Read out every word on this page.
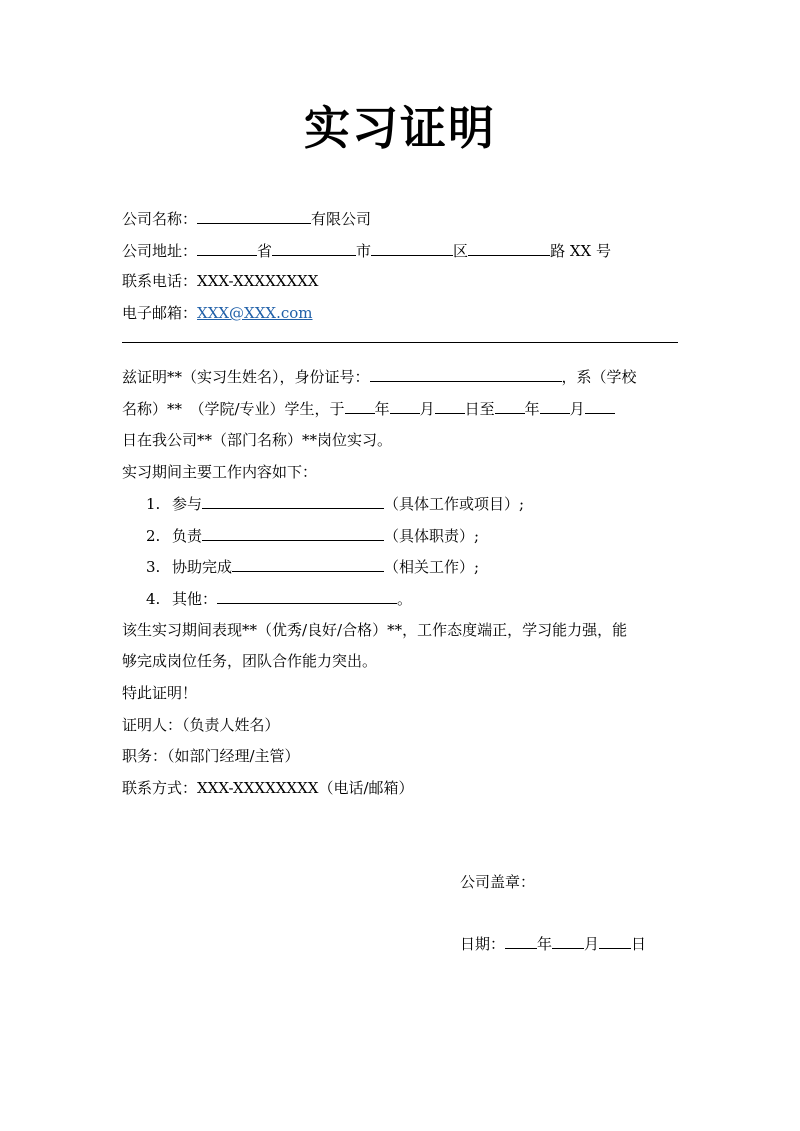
实习证明
公司名称：	有限公司
公司地址：	省	市	区	路 XX 号
联系电话：XXX-XXXXXXXX
电子邮箱：XXX@XXX.com
兹证明**（实习生姓名），身份证号：	，系（学校
名称）**　（学院/专业）学生，于 年 月 日至 年 月
日在我公司**（部门名称）**岗位实习。
实习期间主要工作内容如下：
1. 参与	（具体工作或项目）;
2. 负责	（具体职责）;
3. 协助完成	（相关工作）;
4. 其他：	。
该生实习期间表现**（优秀/良好/合格）**，工作态度端正，学习能力强，能
够完成岗位任务，团队合作能力突出。
特此证明！
证明人：（负责人姓名）
职务：（如部门经理/主管）
联系方式：XXX-XXXXXXXX（电话/邮箱）
公司盖章：
日期： 年 月 日
